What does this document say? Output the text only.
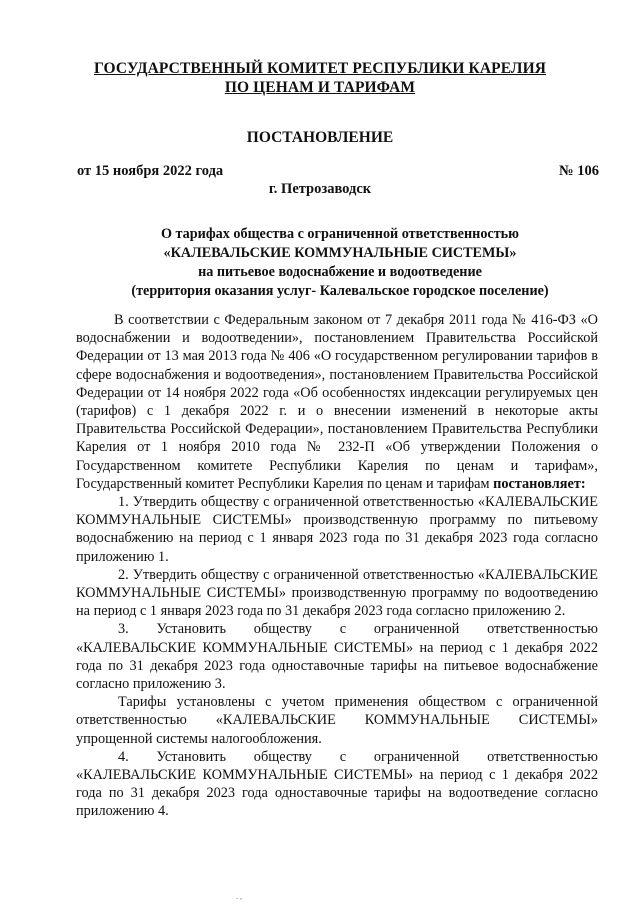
ГОСУДАРСТВЕННЫЙ КОМИТЕТ РЕСПУБЛИКИ КАРЕЛИЯ
ПО ЦЕНАМ И ТАРИФАМ
ПОСТАНОВЛЕНИЕ
от 15 ноября 2022 года	№ 106
г. Петрозаводск
О тарифах общества с ограниченной ответственностью
«КАЛЕВАЛЬСКИЕ КОММУНАЛЬНЫЕ СИСТЕМЫ»
на питьевое водоснабжение и водоотведение
(территория оказания услуг- Калевальское городское поселение)

В соответствии с Федеральным законом от 7 декабря 2011 года № 416-ФЗ «О водоснабжении и водоотведении», постановлением Правительства Российской Федерации от 13 мая 2013 года № 406 «О государственном регулировании тарифов в сфере водоснабжения и водоотведения», постановлением Правительства Российской Федерации от 14 ноября 2022 года «Об особенностях индексации регулируемых цен (тарифов) с 1 декабря 2022 г. и о внесении изменений в некоторые акты Правительства Российской Федерации», постановлением Правительства Республики Карелия от 1 ноября 2010 года № 232-П «Об утверждении Положения о Государственном комитете Республики Карелия по ценам и тарифам», Государственный комитет Республики Карелия по ценам и тарифам постановляет:

1. Утвердить обществу с ограниченной ответственностью «КАЛЕВАЛЬСКИЕ КОММУНАЛЬНЫЕ СИСТЕМЫ» производственную программу по питьевому водоснабжению на период с 1 января 2023 года по 31 декабря 2023 года согласно приложению 1.

2. Утвердить обществу с ограниченной ответственностью «КАЛЕВАЛЬСКИЕ КОММУНАЛЬНЫЕ СИСТЕМЫ» производственную программу по водоотведению на период с 1 января 2023 года по 31 декабря 2023 года согласно приложению 2.

3. Установить обществу с ограниченной ответственностью «КАЛЕВАЛЬСКИЕ КОММУНАЛЬНЫЕ СИСТЕМЫ» на период с 1 декабря 2022 года по 31 декабря 2023 года одноставочные тарифы на питьевое водоснабжение согласно приложению 3.

Тарифы установлены с учетом применения обществом с ограниченной ответственностью «КАЛЕВАЛЬСКИЕ КОММУНАЛЬНЫЕ СИСТЕМЫ» упрощенной системы налогообложения.

4. Установить обществу с ограниченной ответственностью «КАЛЕВАЛЬСКИЕ КОММУНАЛЬНЫЕ СИСТЕМЫ» на период с 1 декабря 2022 года по 31 декабря 2023 года одноставочные тарифы на водоотведение согласно приложению 4.

. ,
